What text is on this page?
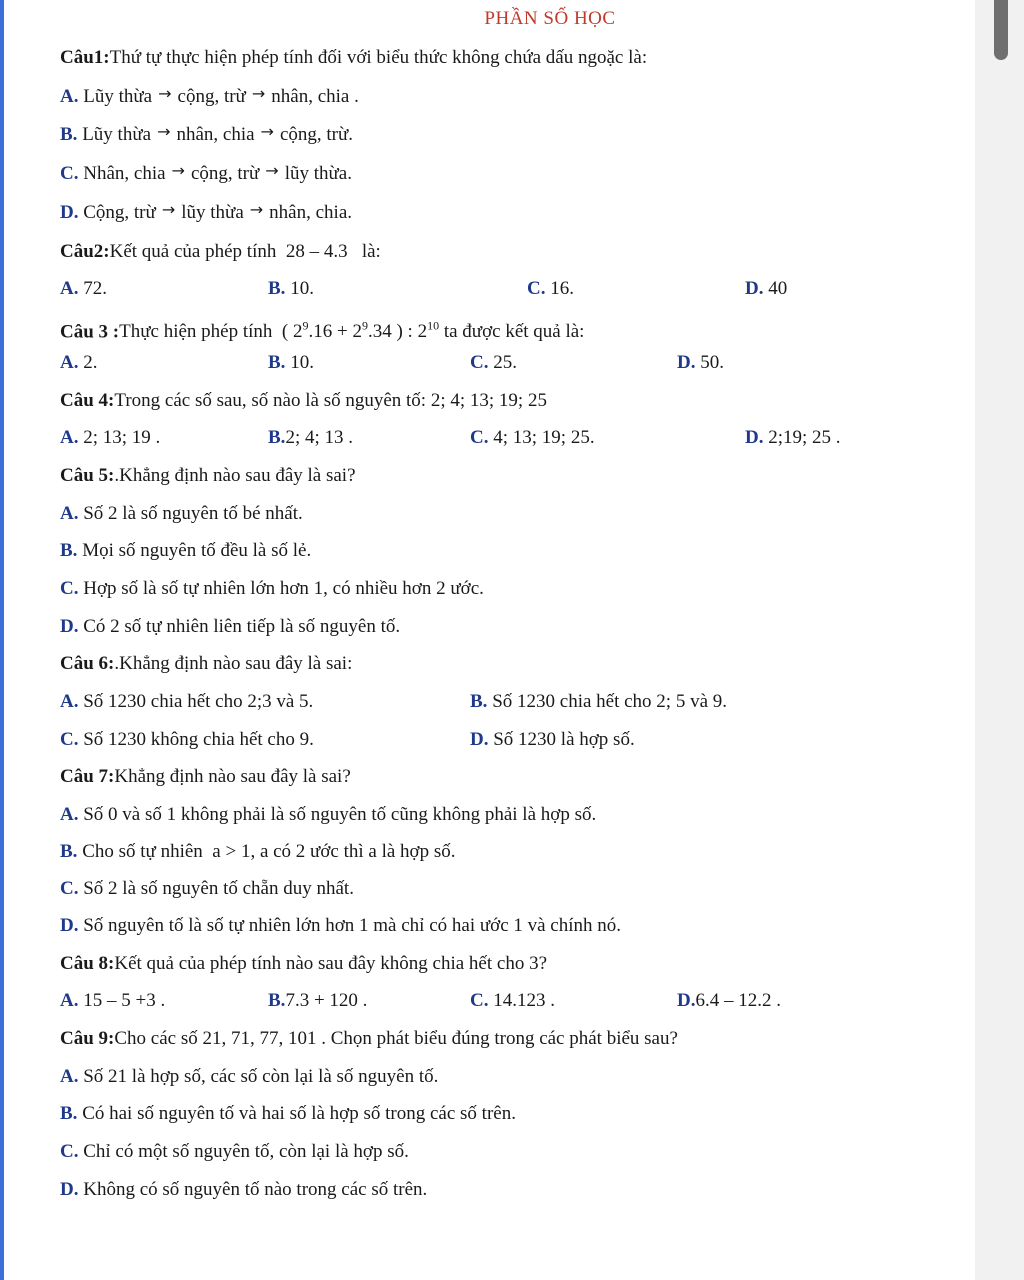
PHẦN SỐ HỌC
Câu1:Thứ tự thực hiện phép tính đối với biểu thức không chứa dấu ngoặc là:
A. Lũy thừa → cộng, trừ → nhân, chia .
B. Lũy thừa → nhân, chia → cộng, trừ.
C. Nhân, chia → cộng, trừ → lũy thừa.
D. Cộng, trừ → lũy thừa → nhân, chia.
Câu2:Kết quả của phép tính  28 – 4.3   là:
A. 72.	B. 10.	C. 16.	D. 40
Câu 3 :Thực hiện phép tính  ( $2^9.16 + 2^9.34$ ) : $2^{10}$ ta được kết quả là:
A. 2.	B. 10.	C. 25.	D. 50.
Câu 4:Trong các số sau, số nào là số nguyên tố: 2; 4; 13; 19; 25
A. 2; 13; 19 .	B.2; 4; 13 .	C. 4; 13; 19; 25.	D. 2;19; 25 .
Câu 5:.Khẳng định nào sau đây là sai?
A. Số 2 là số nguyên tố bé nhất.
B. Mọi số nguyên tố đều là số lẻ.
C. Hợp số là số tự nhiên lớn hơn 1, có nhiều hơn 2 ước.
D. Có 2 số tự nhiên liên tiếp là số nguyên tố.
Câu 6:.Khẳng định nào sau đây là sai:
A. Số 1230 chia hết cho 2;3 và 5.	B. Số 1230 chia hết cho 2; 5 và 9.
C. Số 1230 không chia hết cho 9.	D. Số 1230 là hợp số.
Câu 7:Khẳng định nào sau đây là sai?
A. Số 0 và số 1 không phải là số nguyên tố cũng không phải là hợp số.
B. Cho số tự nhiên  a > 1, a có 2 ước thì a là hợp số.
C. Số 2 là số nguyên tố chẵn duy nhất.
D. Số nguyên tố là số tự nhiên lớn hơn 1 mà chỉ có hai ước 1 và chính nó.
Câu 8:Kết quả của phép tính nào sau đây không chia hết cho 3?
A. 15 – 5 +3 .	B.7.3 + 120 .	C. 14.123 .	D.6.4 – 12.2 .
Câu 9:Cho các số 21, 71, 77, 101 . Chọn phát biểu đúng trong các phát biểu sau?
A. Số 21 là hợp số, các số còn lại là số nguyên tố.
B. Có hai số nguyên tố và hai số là hợp số trong các số trên.
C. Chỉ có một số nguyên tố, còn lại là hợp số.
D. Không có số nguyên tố nào trong các số trên.
